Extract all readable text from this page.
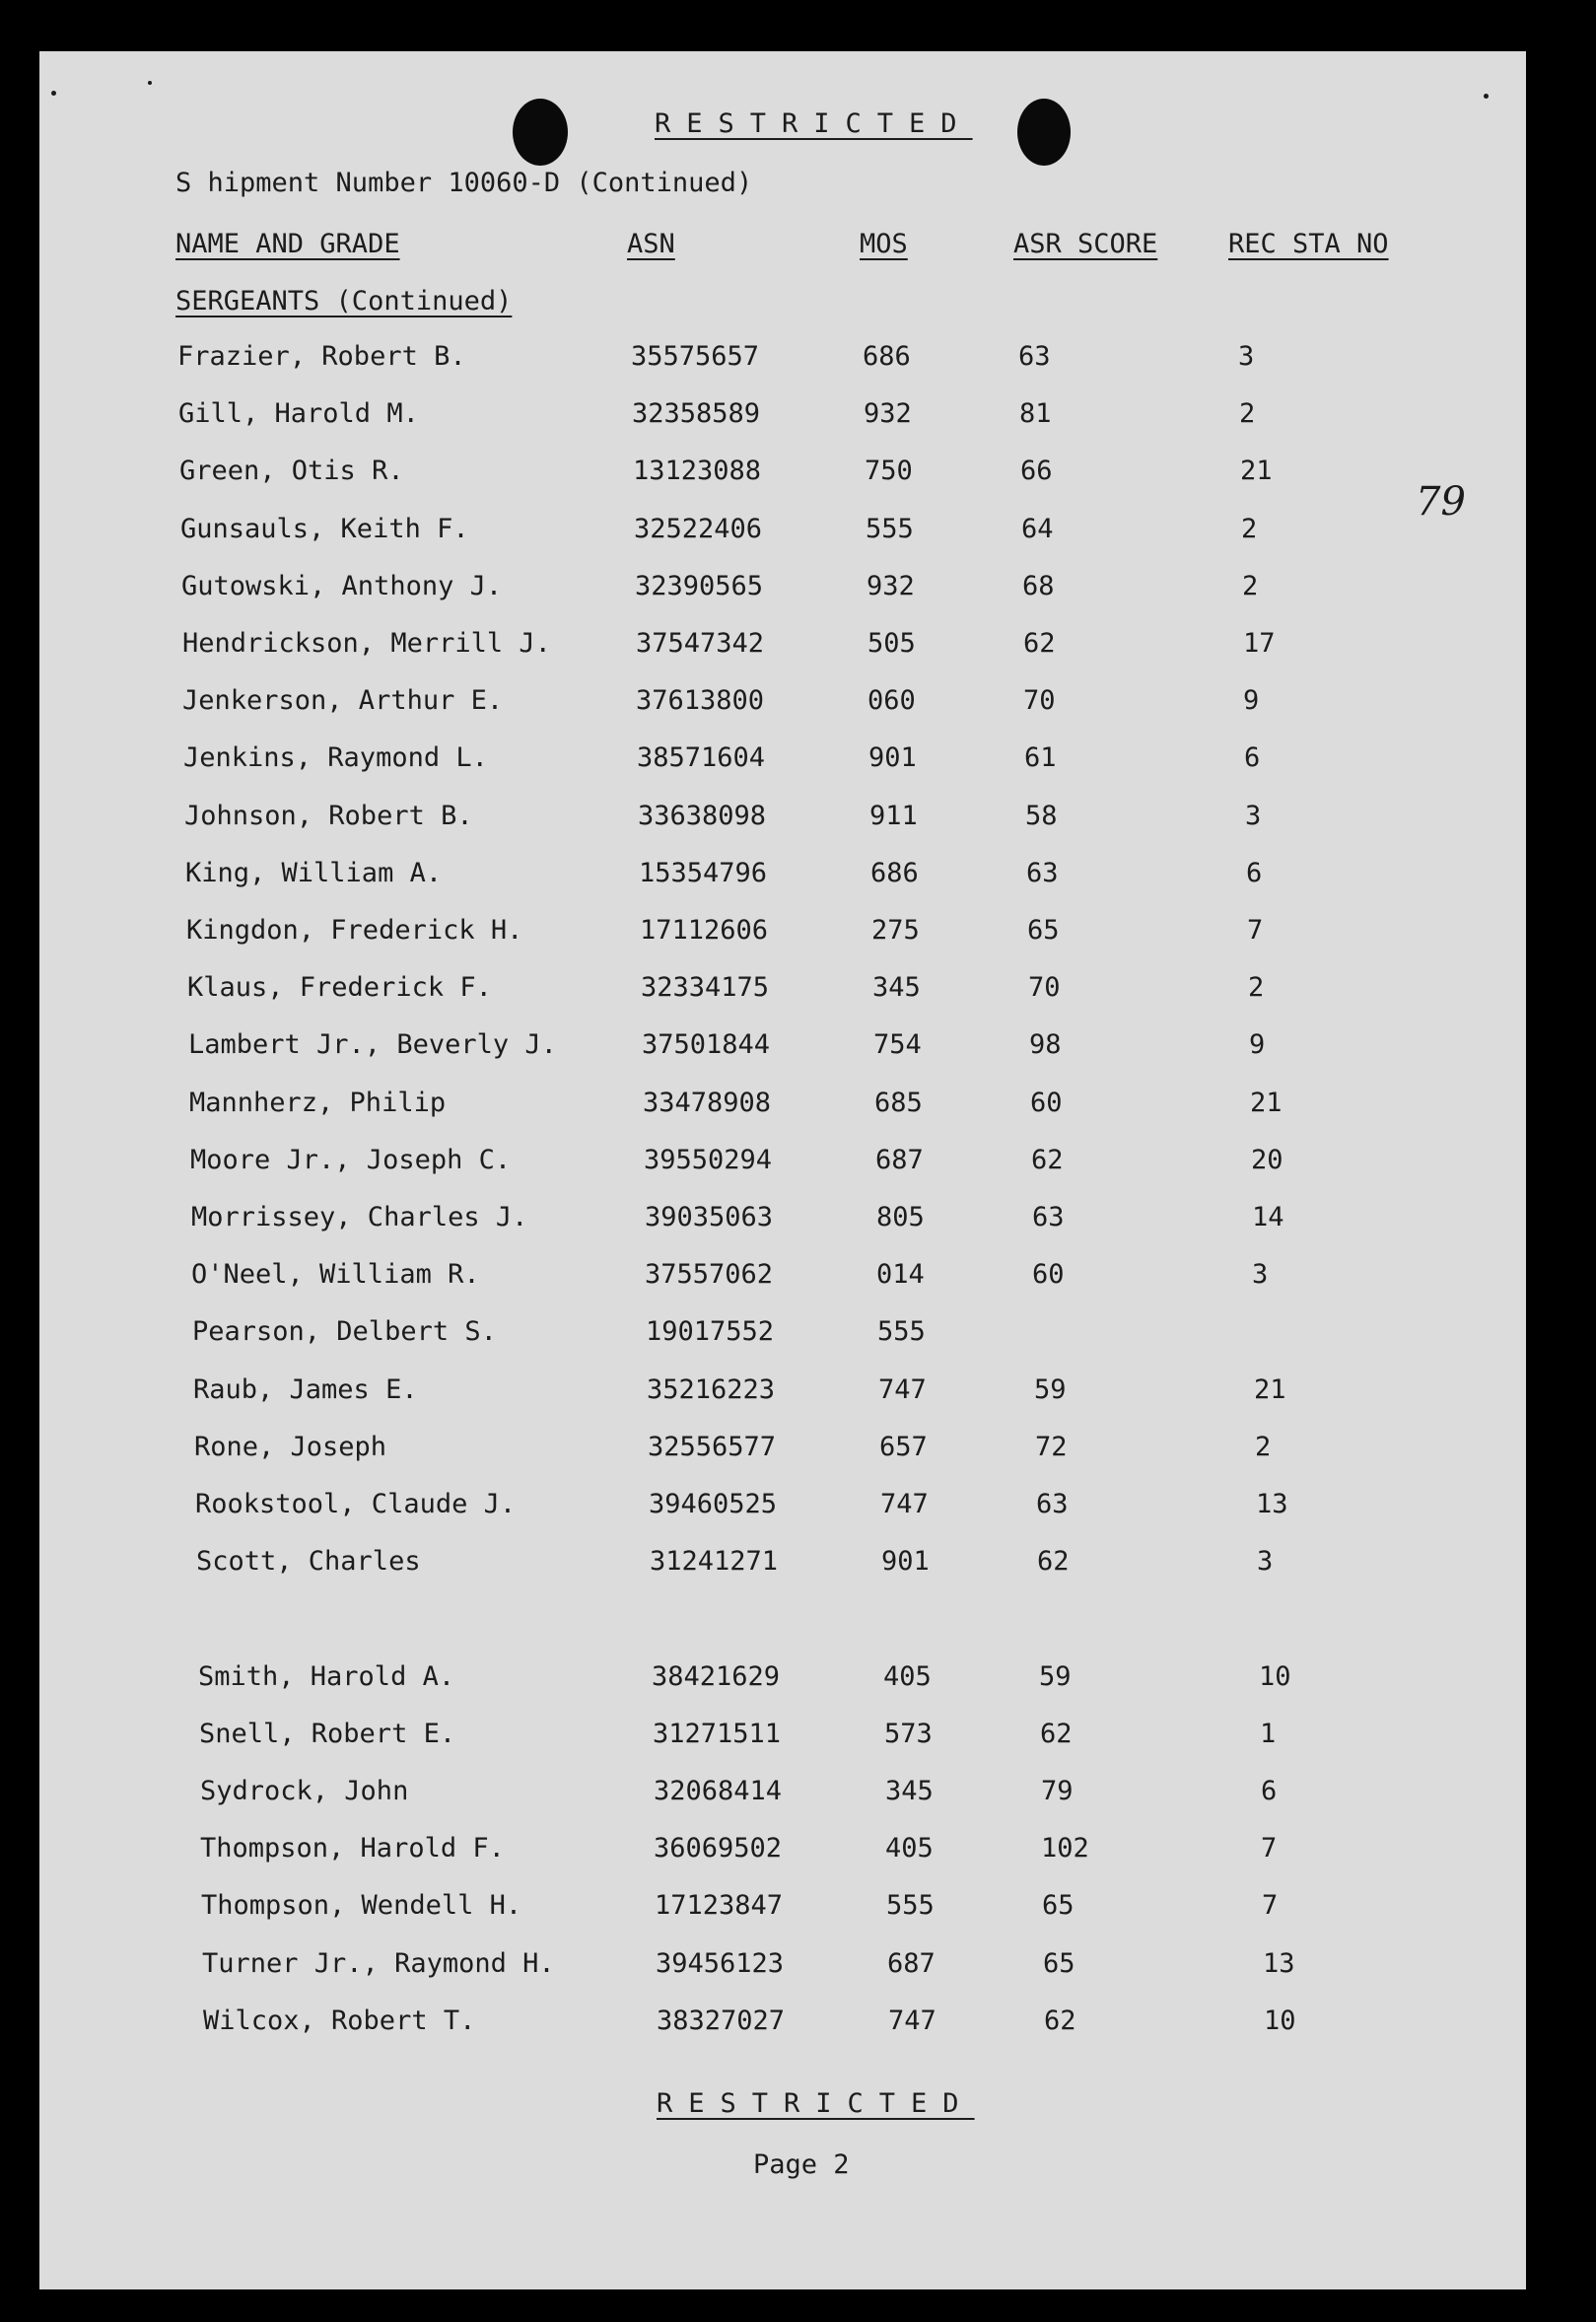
RESTRICTED
S hipment Number 10060-D (Continued)
NAME AND GRADE	ASN	MOS	ASR SCORE	REC STA NO
SERGEANTS (Continued)
79
Frazier, Robert B.	35575657	686	63	3
Gill, Harold M.	32358589	932	81	2
Green, Otis R.	13123088	750	66	21
Gunsauls, Keith F.	32522406	555	64	2
Gutowski, Anthony J.	32390565	932	68	2
Hendrickson, Merrill J.	37547342	505	62	17
Jenkerson, Arthur E.	37613800	060	70	9
Jenkins, Raymond L.	38571604	901	61	6
Johnson, Robert B.	33638098	911	58	3
King, William A.	15354796	686	63	6
Kingdon, Frederick H.	17112606	275	65	7
Klaus, Frederick F.	32334175	345	70	2
Lambert Jr., Beverly J.	37501844	754	98	9
Mannherz, Philip	33478908	685	60	21
Moore Jr., Joseph C.	39550294	687	62	20
Morrissey, Charles J.	39035063	805	63	14
O'Neel, William R.	37557062	014	60	3
Pearson, Delbert S.	19017552	555
Raub, James E.	35216223	747	59	21
Rone, Joseph	32556577	657	72	2
Rookstool, Claude J.	39460525	747	63	13
Scott, Charles	31241271	901	62	3
Smith, Harold A.	38421629	405	59	10
Snell, Robert E.	31271511	573	62	1
Sydrock, John	32068414	345	79	6
Thompson, Harold F.	36069502	405	102	7
Thompson, Wendell H.	17123847	555	65	7
Turner Jr., Raymond H.	39456123	687	65	13
Wilcox, Robert T.	38327027	747	62	10
RESTRICTED
Page 2
